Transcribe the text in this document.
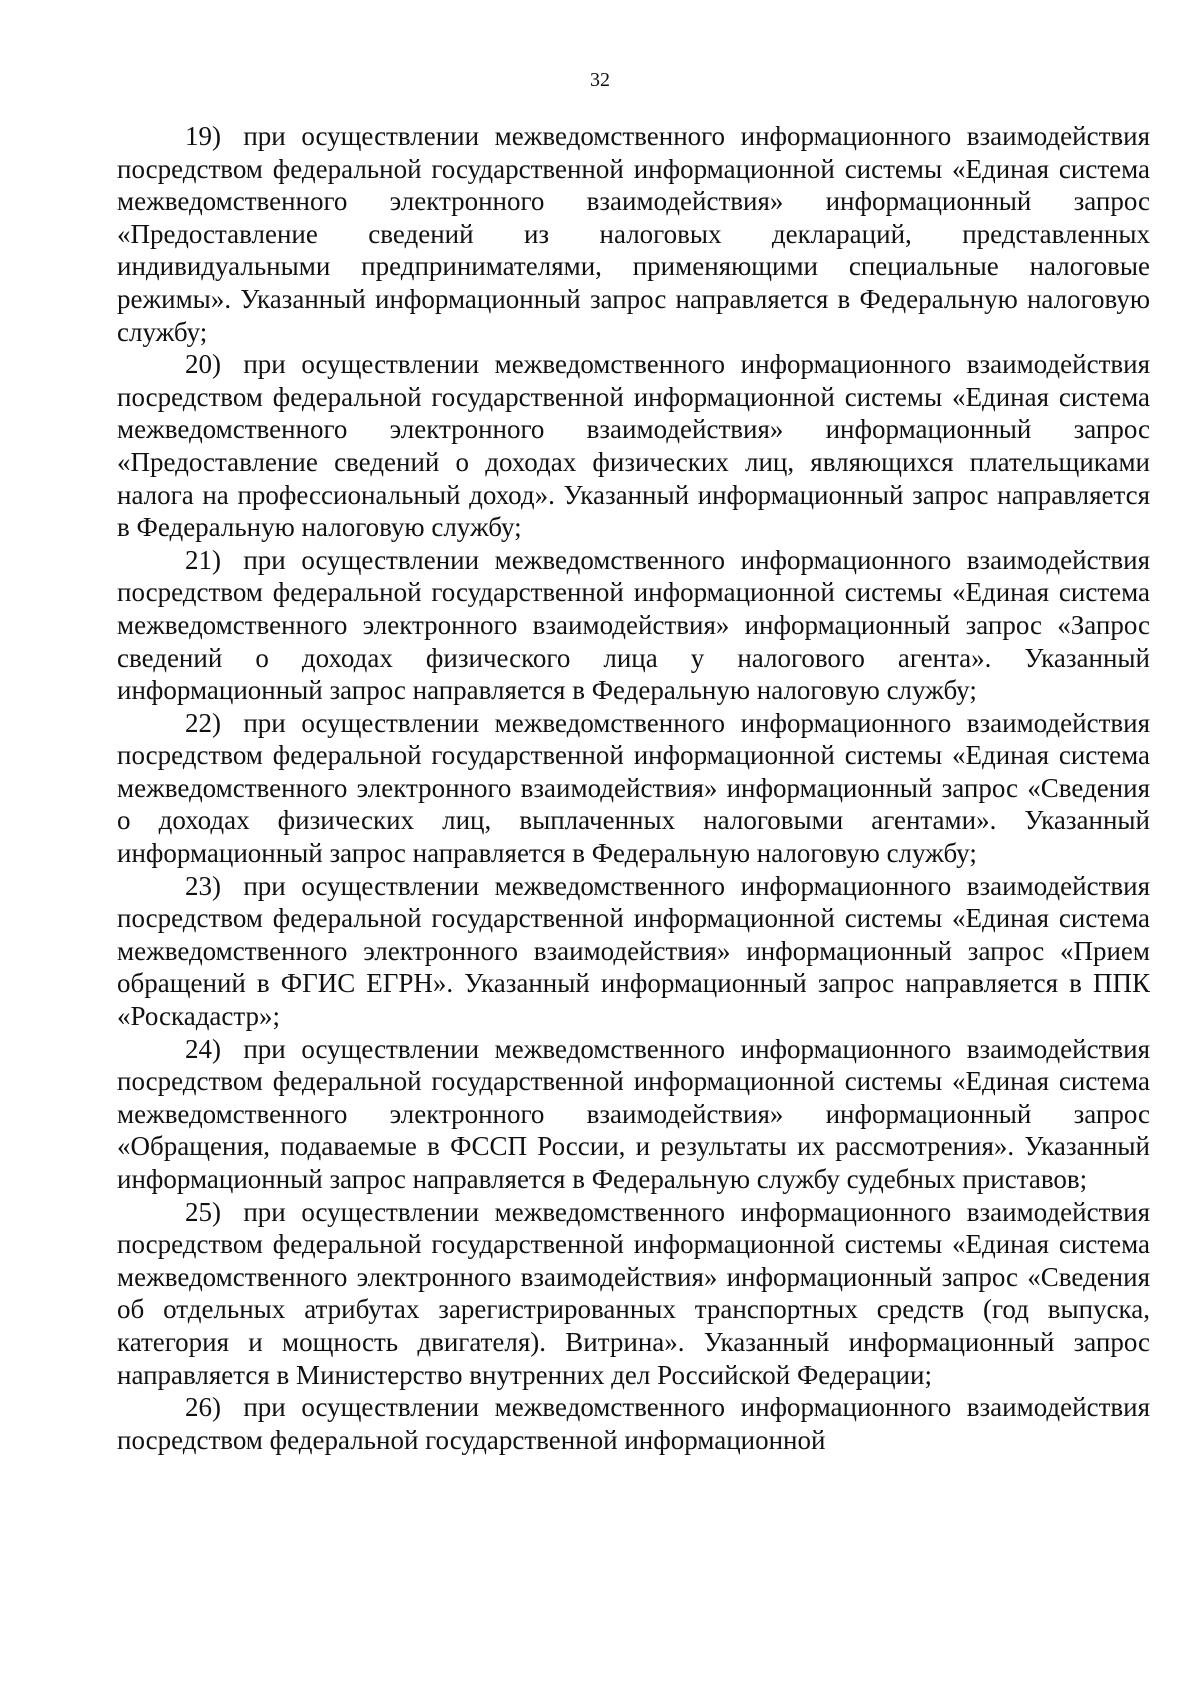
32

19) при осуществлении межведомственного информационного взаимодействия посредством федеральной государственной информационной системы «Единая система межведомственного электронного взаимодействия» информационный запрос «Предоставление сведений из налоговых деклараций, представленных индивидуальными предпринимателями, применяющими специальные налоговые режимы». Указанный информационный запрос направляется в Федеральную налоговую службу;

20) при осуществлении межведомственного информационного взаимодействия посредством федеральной государственной информационной системы «Единая система межведомственного электронного взаимодействия» информационный запрос «Предоставление сведений о доходах физических лиц, являющихся плательщиками налога на профессиональный доход». Указанный информационный запрос направляется в Федеральную налоговую службу;

21) при осуществлении межведомственного информационного взаимодействия посредством федеральной государственной информационной системы «Единая система межведомственного электронного взаимодействия» информационный запрос «Запрос сведений о доходах физического лица у налогового агента». Указанный информационный запрос направляется в Федеральную налоговую службу;

22) при осуществлении межведомственного информационного взаимодействия посредством федеральной государственной информационной системы «Единая система межведомственного электронного взаимодействия» информационный запрос «Сведения о доходах физических лиц, выплаченных налоговыми агентами». Указанный информационный запрос направляется в Федеральную налоговую службу;

23) при осуществлении межведомственного информационного взаимодействия посредством федеральной государственной информационной системы «Единая система межведомственного электронного взаимодействия» информационный запрос «Прием обращений в ФГИС ЕГРН». Указанный информационный запрос направляется в ППК «Роскадастр»;

24) при осуществлении межведомственного информационного взаимодействия посредством федеральной государственной информационной системы «Единая система межведомственного электронного взаимодействия» информационный запрос «Обращения, подаваемые в ФССП России, и результаты их рассмотрения». Указанный информационный запрос направляется в Федеральную службу судебных приставов;

25) при осуществлении межведомственного информационного взаимодействия посредством федеральной государственной информационной системы «Единая система межведомственного электронного взаимодействия» информационный запрос «Сведения об отдельных атрибутах зарегистрированных транспортных средств (год выпуска, категория и мощность двигателя). Витрина». Указанный информационный запрос направляется в Министерство внутренних дел Российской Федерации;

26) при осуществлении межведомственного информационного взаимодействия посредством федеральной государственной информационной
